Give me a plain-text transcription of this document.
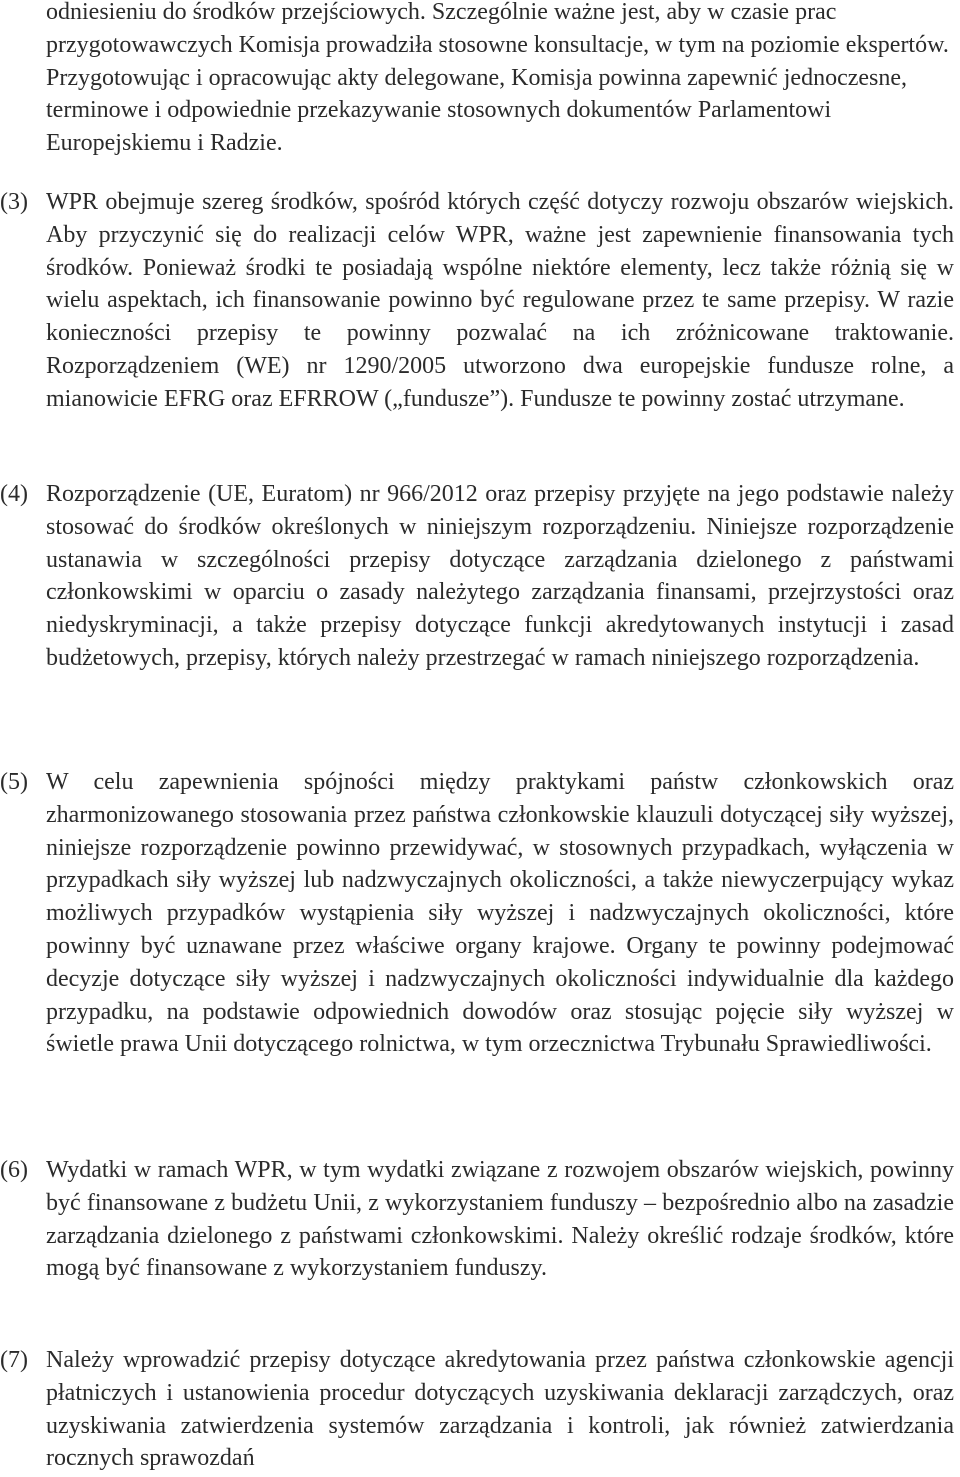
odniesieniu do środków przejściowych. Szczególnie ważne jest, aby w czasie prac przygotowawczych Komisja prowadziła stosowne konsultacje, w tym na poziomie ekspertów. Przygotowując i opracowując akty delegowane, Komisja powinna zapewnić jednoczesne, terminowe i odpowiednie przekazywanie stosownych dokumentów Parlamentowi Europejskiemu i Radzie.

(3) WPR obejmuje szereg środków, spośród których część dotyczy rozwoju obszarów wiejskich. Aby przyczynić się do realizacji celów WPR, ważne jest zapewnienie finansowania tych środków. Ponieważ środki te posiadają wspólne niektóre elementy, lecz także różnią się w wielu aspektach, ich finansowanie powinno być regulowane przez te same przepisy. W razie konieczności przepisy te powinny pozwalać na ich zróżnicowane traktowanie. Rozporządzeniem (WE) nr 1290/2005 utworzono dwa europejskie fundusze rolne, a mianowicie EFRG oraz EFRROW („fundusze”). Fundusze te powinny zostać utrzymane.
(4) Rozporządzenie (UE, Euratom) nr 966/2012 oraz przepisy przyjęte na jego podstawie należy stosować do środków określonych w niniejszym rozporządzeniu. Niniejsze rozporządzenie ustanawia w szczególności przepisy dotyczące zarządzania dzielonego z państwami członkowskimi w oparciu o zasady należytego zarządzania finansami, przejrzystości oraz niedyskryminacji, a także przepisy dotyczące funkcji akredytowanych instytucji i zasad budżetowych, przepisy, których należy przestrzegać w ramach niniejszego rozporządzenia.
(5) W celu zapewnienia spójności między praktykami państw członkowskich oraz zharmonizowanego stosowania przez państwa członkowskie klauzuli dotyczącej siły wyższej, niniejsze rozporządzenie powinno przewidywać, w stosownych przypadkach, wyłączenia w przypadkach siły wyższej lub nadzwyczajnych okoliczności, a także niewyczerpujący wykaz możliwych przypadków wystąpienia siły wyższej i nadzwyczajnych okoliczności, które powinny być uznawane przez właściwe organy krajowe. Organy te powinny podejmować decyzje dotyczące siły wyższej i nadzwyczajnych okoliczności indywidualnie dla każdego przypadku, na podstawie odpowiednich dowodów oraz stosując pojęcie siły wyższej w świetle prawa Unii dotyczącego rolnictwa, w tym orzecznictwa Trybunału Sprawiedliwości.
(6) Wydatki w ramach WPR, w tym wydatki związane z rozwojem obszarów wiejskich, powinny być finansowane z budżetu Unii, z wykorzystaniem funduszy – bezpośrednio albo na zasadzie zarządzania dzielonego z państwami członkowskimi. Należy określić rodzaje środków, które mogą być finansowane z wykorzystaniem funduszy.
(7) Należy wprowadzić przepisy dotyczące akredytowania przez państwa członkowskie agencji płatniczych i ustanowienia procedur dotyczących uzyskiwania deklaracji zarządczych, oraz uzyskiwania zatwierdzenia systemów zarządzania i kontroli, jak również zatwierdzania rocznych sprawozdań
